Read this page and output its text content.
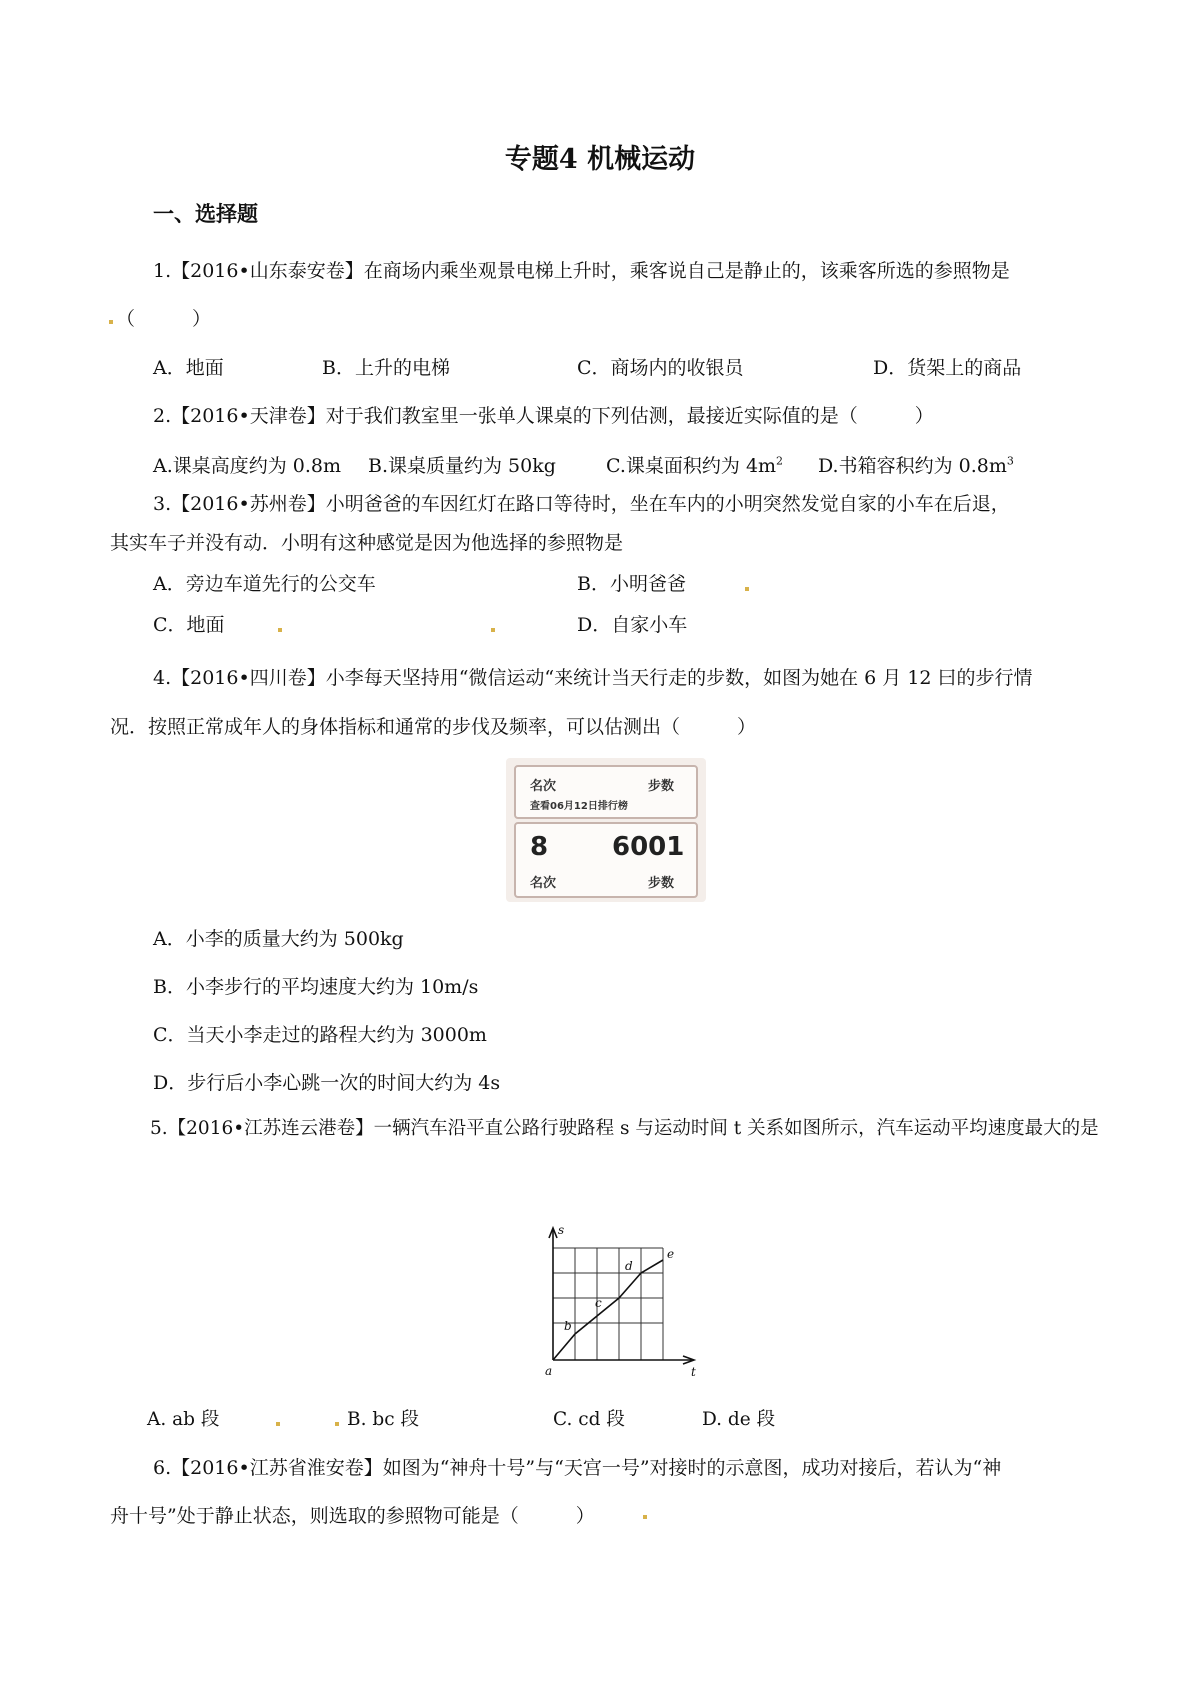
专题4 机械运动
一、选择题
1.【2016•山东泰安卷】在商场内乘坐观景电梯上升时，乘客说自己是静止的，该乘客所选的参照物是
（　　　）
A．地面	B．上升的电梯	C．商场内的收银员	D．货架上的商品
2.【2016•天津卷】对于我们教室里一张单人课桌的下列估测，最接近实际值的是（　　　）
A.课桌高度约为 0.8m B.课桌质量约为 50kg	C.课桌面积约为 $4m^2$ D.书箱容积约为 $0.8m^3$
3.【2016•苏州卷】小明爸爸的车因红灯在路口等待时，坐在车内的小明突然发觉自家的小车在后退，
其实车子并没有动．小明有这种感觉是因为他选择的参照物是
A．旁边车道先行的公交车	B．小明爸爸
C．地面	D．自家小车
4.【2016•四川卷】小李每天坚持用“微信运动“来统计当天行走的步数，如图为她在 6 月 12 曰的步行情
况．按照正常成年人的身体指标和通常的步伐及频率，可以估测出（　　　）
名次	步数
查看06月12日排行榜
8 6001
名次	步数
A．小李的质量大约为 500kg
B．小李步行的平均速度大约为 10m/s
C．当天小李走过的路程大约为 3000m
D．步行后小李心跳一次的时间大约为 4s
5.【2016•江苏连云港卷】一辆汽车沿平直公路行驶路程 s 与运动时间 t 关系如图所示，汽车运动平均速度最大的是
s
t
a
b
c
d
e
A. ab 段	B. bc 段	C. cd 段	D. de 段
6.【2016•江苏省淮安卷】如图为“神舟十号”与“天宫一号”对接时的示意图，成功对接后，若认为“神
舟十号”处于静止状态，则选取的参照物可能是（　　　）
